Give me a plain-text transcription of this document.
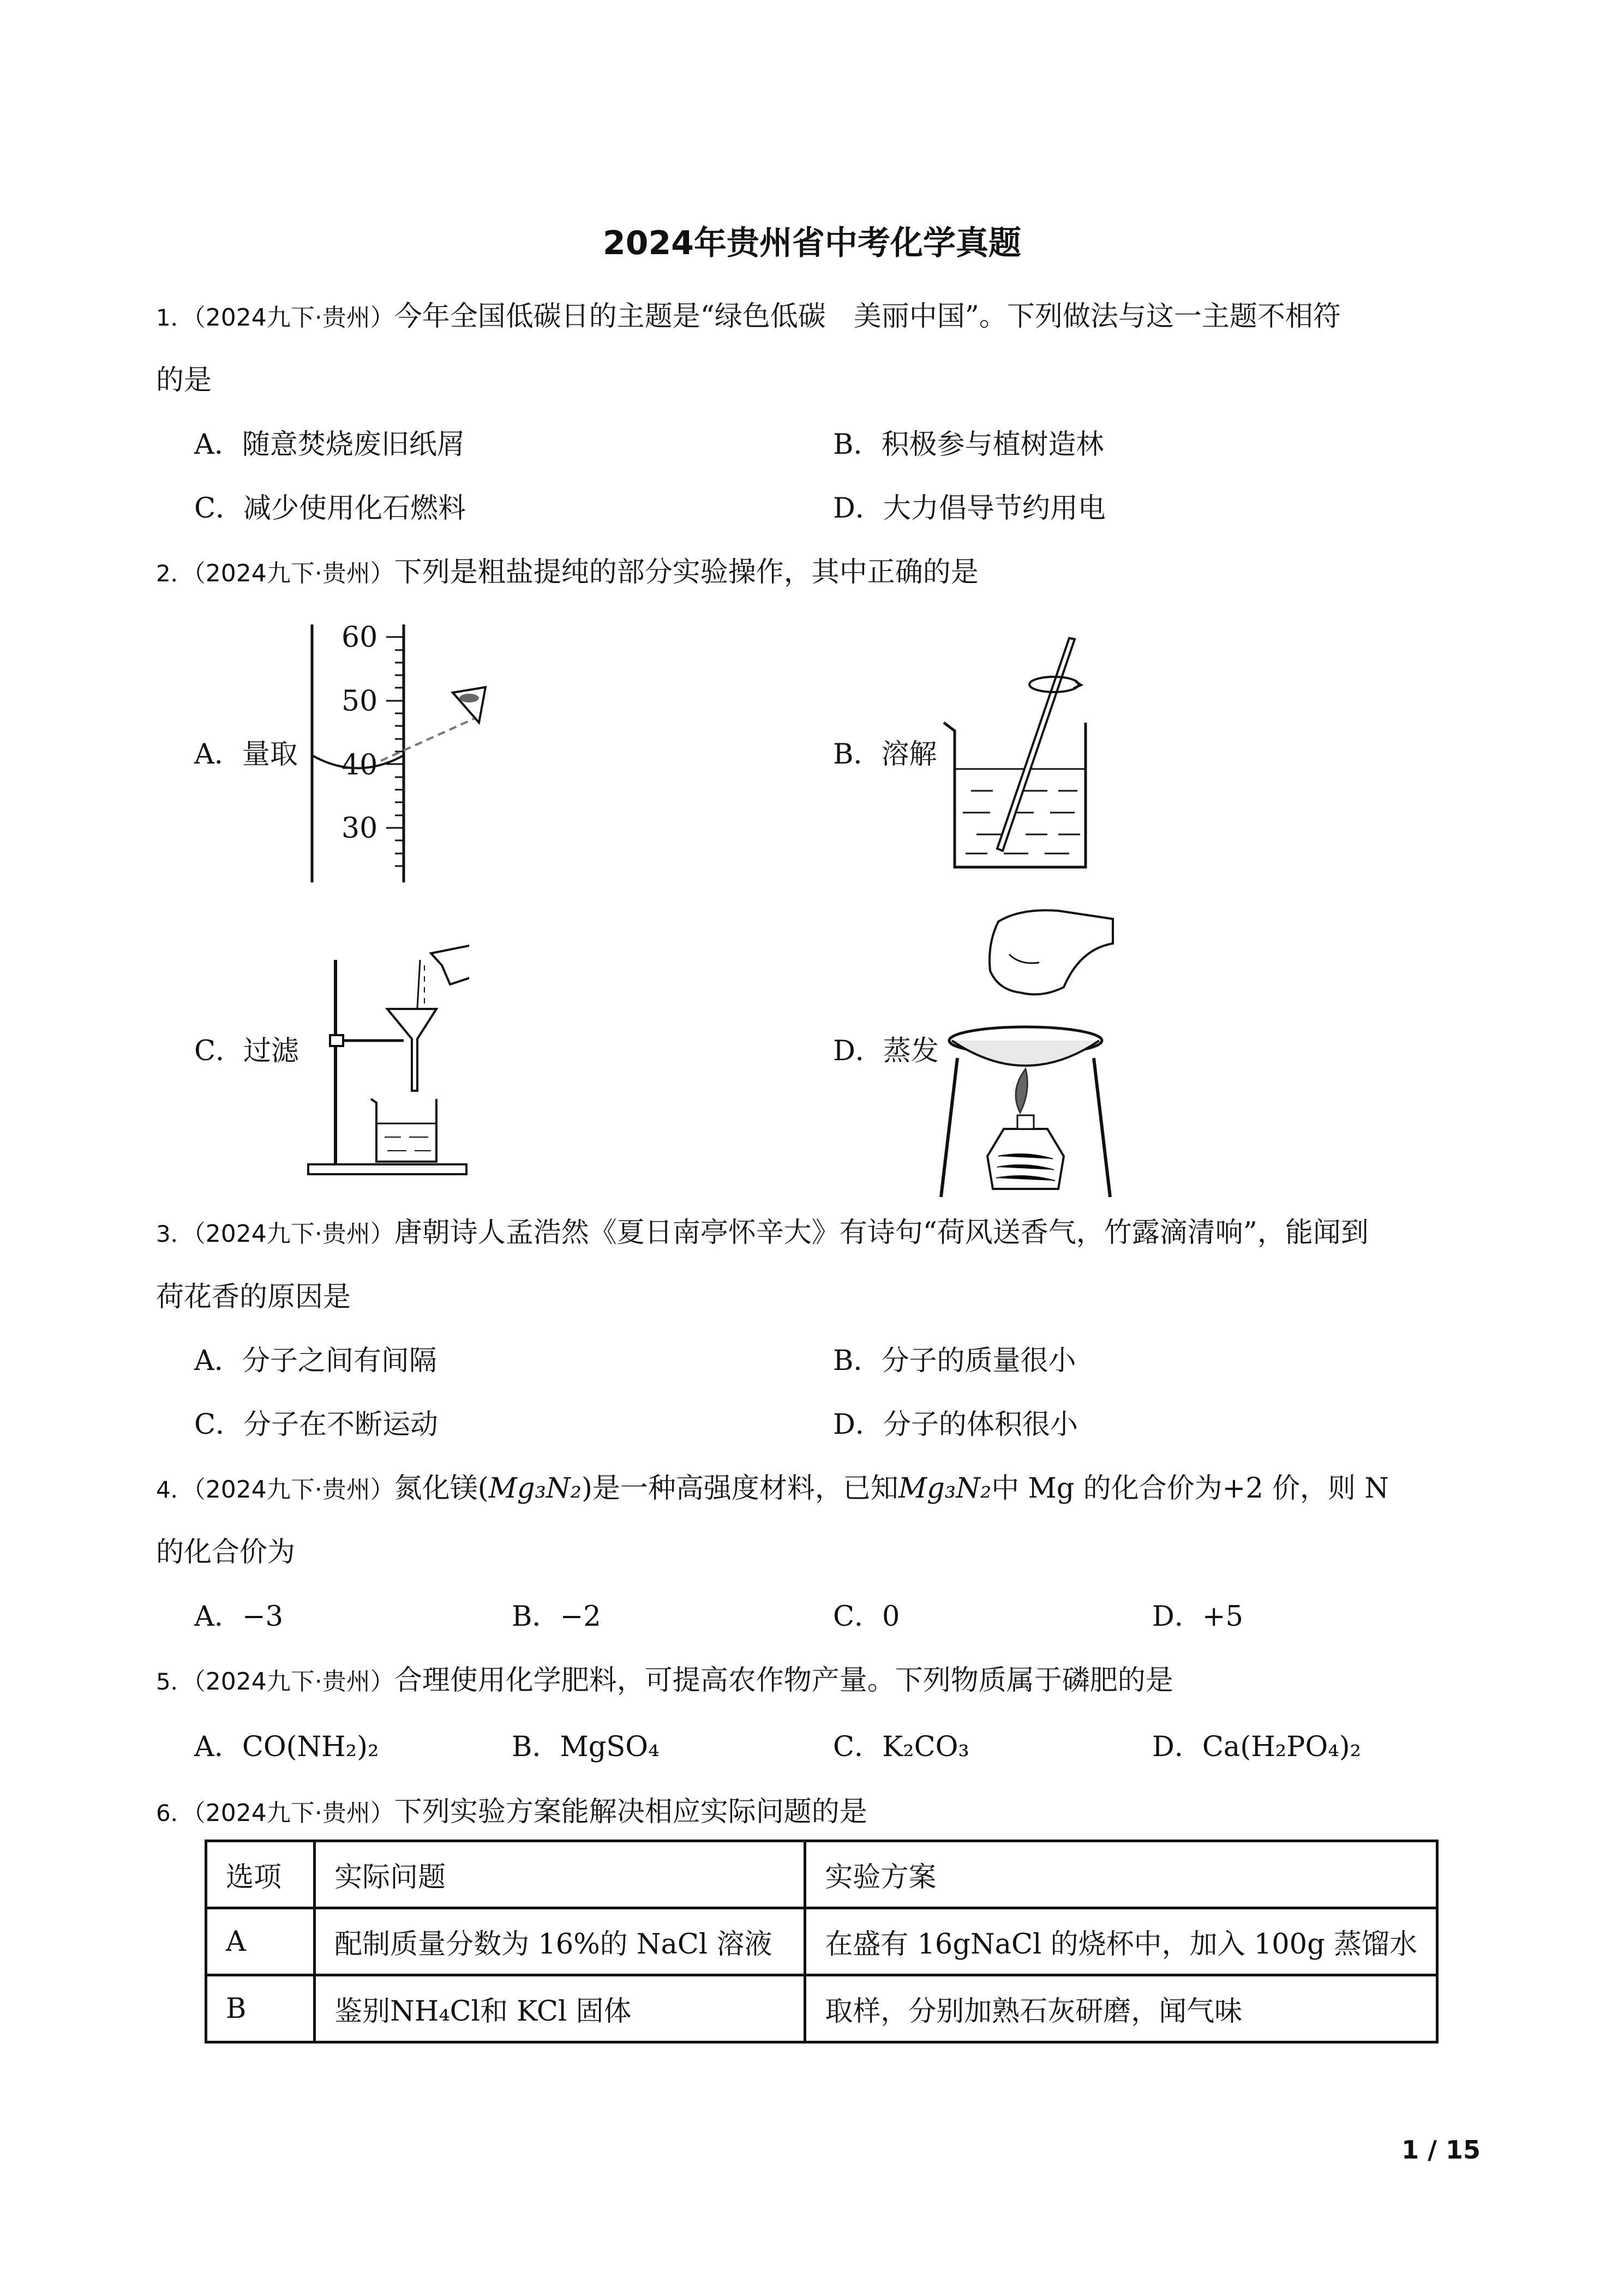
2024年贵州省中考化学真题
1．（2024九下·贵州）今年全国低碳日的主题是“绿色低碳　美丽中国”。下列做法与这一主题不相符
的是
A．随意焚烧废旧纸屑	B．积极参与植树造林
C．减少使用化石燃料	D．大力倡导节约用电
2．（2024九下·贵州）下列是粗盐提纯的部分实验操作，其中正确的是
A．量取
60
50
40
30
B．溶解
C．过滤	D．蒸发
3．（2024九下·贵州）唐朝诗人孟浩然《夏日南亭怀辛大》有诗句“荷风送香气，竹露滴清响”，能闻到
荷花香的原因是
A．分子之间有间隔	B．分子的质量很小
C．分子在不断运动	D．分子的体积很小
4．（2024九下·贵州）氮化镁(Mg₃N₂)是一种高强度材料，已知Mg₃N₂中 Mg 的化合价为+2 价，则 N
的化合价为
A．−3	B．−2	C．0	D．+5
5．（2024九下·贵州）合理使用化学肥料，可提高农作物产量。下列物质属于磷肥的是
A．CO(NH₂)₂	B．MgSO₄	C．K₂CO₃	D．Ca(H₂PO₄)₂
6．（2024九下·贵州）下列实验方案能解决相应实际问题的是
选项	实际问题	实验方案
A	配制质量分数为 16%的 NaCl 溶液	在盛有 16gNaCl 的烧杯中，加入 100g 蒸馏水
B	鉴别NH₄Cl和 KCl 固体	取样，分别加熟石灰研磨，闻气味
1 / 15
